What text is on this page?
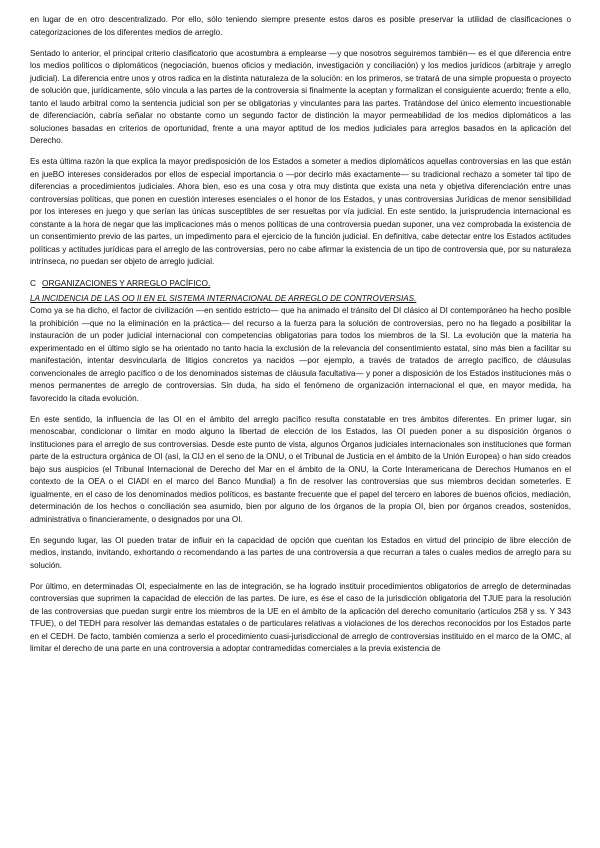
en lugar de en otro descentralizado. Por ello, sólo teniendo siempre presente estos daros es posible preservar la utilidad de clasificaciones o categorizaciones de los diferentes medios de arreglo.

Sentado lo anterior, el principal criterio clasificatorio que acostumbra a emplearse —y que nosotros seguiremos también— es el que diferencia entre los medios políticos o diplomáticos (negociación, buenos oficios y mediación, investigación y conciliación) y los medios jurídicos (arbitraje y arreglo judicial). La diferencia entre unos y otros radica en la distinta naturaleza de la solución: en los primeros, se tratará de una simple propuesta o proyecto de solución que, jurídicamente, sólo vincula a las partes de la controversia si finalmente la aceptan y formalizan el consiguiente acuerdo; frente a ello, tanto el laudo arbitral como la sentencia judicial son per se obligatorias y vinculantes para las partes. Tratándose del único elemento incuestionable de diferenciación, cabría señalar no obstante como un segundo factor de distinción la mayor permeabilidad de los medios diplomáticos a las soluciones basadas en criterios de oportunidad, frente a una mayor aptitud de los medios judiciales para arreglos basados en la aplicación del Derecho.

Es esta última razón la que explica la mayor predisposición de los Estados a someter a medios diplomáticos aquellas controversias en las que están en jueBO intereses considerados por ellos de especial importancia o —por decirlo más exactamente— su tradicional rechazo a someter tal tipo de diferencias a procedimientos judiciales. Ahora bien, eso es una cosa y otra muy distinta que exista una neta y objetiva diferenciación entre unas controversias políticas, que ponen en cuestión intereses esenciales o el honor de los Estados, y unas controversias Jurídicas de menor sensibilidad por los intereses en juego y que serían las únicas susceptibles de ser resueltas por vía judicial. En este sentido, la jurisprudencia internacional es constante a la hora de negar que las implicaciones más o menos políticas de una controversia puedan suponer, una vez comprobada la existencia de un consentimiento previo de las partes, un impedimento para el ejercicio de la función judicial. En definitiva, cabe detectar entre los Estados actitudes políticas y actitudes jurídicas para el arreglo de las controversias, pero no cabe afirmar la existencia de un tipo de controversia que, por su naturaleza intrínseca, no puedan ser objeto de arreglo judicial.

C ORGANIZACIONES Y ARREGLO PACÍFICO.
LA INCIDENCIA DE LAS OO II EN EL SISTEMA INTERNACIONAL DE ARREGLO DE CONTROVERSIAS.

Como ya se ha dicho, el factor de civilización —en sentido estricto— que ha animado el tránsito del DI clásico al DI contemporáneo ha hecho posible la prohibición —que no la eliminación en la práctica— del recurso a la fuerza para la solución de controversias, pero no ha llegado a posibilitar la instauración de un poder judicial internacional con competencias obligatorias para todos los miembros de la SI. La evolución que la materia ha experimentado en el último siglo se ha orientado no tanto hacia la exclusión de la relevancia del consentimiento estatal, sino más bien a facilitar su manifestación, intentar desvincularla de litigios concretos ya nacidos —por ejemplo, a través de tratados de arreglo pacífico, de cláusulas convencionales de arreglo pacífico o de los denominados sistemas de cláusula facultativa— y poner a disposición de los Estados instituciones más o menos permanentes de arreglo de controversias. Sin duda, ha sido el fenómeno de organización internacional el que, en mayor medida, ha favorecido la citada evolución.

En este sentido, la influencia de las OI en el ámbito del arreglo pacífico resulta constatable en tres ámbitos diferentes. En primer lugar, sin menoscabar, condicionar o limitar en modo alguno la libertad de elección de los Estados, las OI pueden poner a su disposición órganos o instituciones para el arreglo de sus controversias. Desde este punto de vista, algunos Órganos judiciales internacionales son instituciones que forman parte de la estructura orgánica de OI (así, la CIJ en el seno de la ONU, o el Tribunal de Justicia en el ámbito de la Unión Europea) o han sido creados bajo sus auspicios (el Tribunal Internacional de Derecho del Mar en el ámbito de la ONU, la Corte Interamericana de Derechos Humanos en el contexto de la OEA o el CIADI en el marco del Banco Mundial) a fin de resolver las controversias que sus miembros decidan someterles. E igualmente, en el caso de los denominados medios políticos, es bastante frecuente que el papel del tercero en labores de buenos oficios, mediación, determinación de los hechos o conciliación sea asumido, bien por alguno de los órganos de la propia OI, bien por órganos creados, sostenidos, administrativa o financieramente, o designados por una OI.

En segundo lugar, las OI pueden tratar de influir en la capacidad de opción que cuentan los Estados en virtud del principio de libre elección de medios, instando, invitando, exhortando o recomendando a las partes de una controversia a que recurran a tales o cuales medios de arreglo para su solución.

Por último, en determinadas OI, especialmente en las de integración, se ha logrado instituir procedimientos obligatorios de arreglo de determinadas controversias que suprimen la capacidad de elección de las partes. De iure, es ése el caso de la jurisdicción obligatoria del TJUE para la resolución de las controversias que puedan surgir entre los miembros de la UE en el ámbito de la aplicación del derecho comunitario (artículos 258 y ss. Y 343 TFUE), o del TEDH para resolver las demandas estatales o de particulares relativas a violaciones de los derechos reconocidos por los Estados parte en el CEDH. De facto, también comienza a serlo el procedimiento cuasi-jurisdiccional de arreglo de controversias instituido en el marco de la OMC, al limitar el derecho de una parte en una controversia a adoptar contramedidas comerciales a la previa existencia de
